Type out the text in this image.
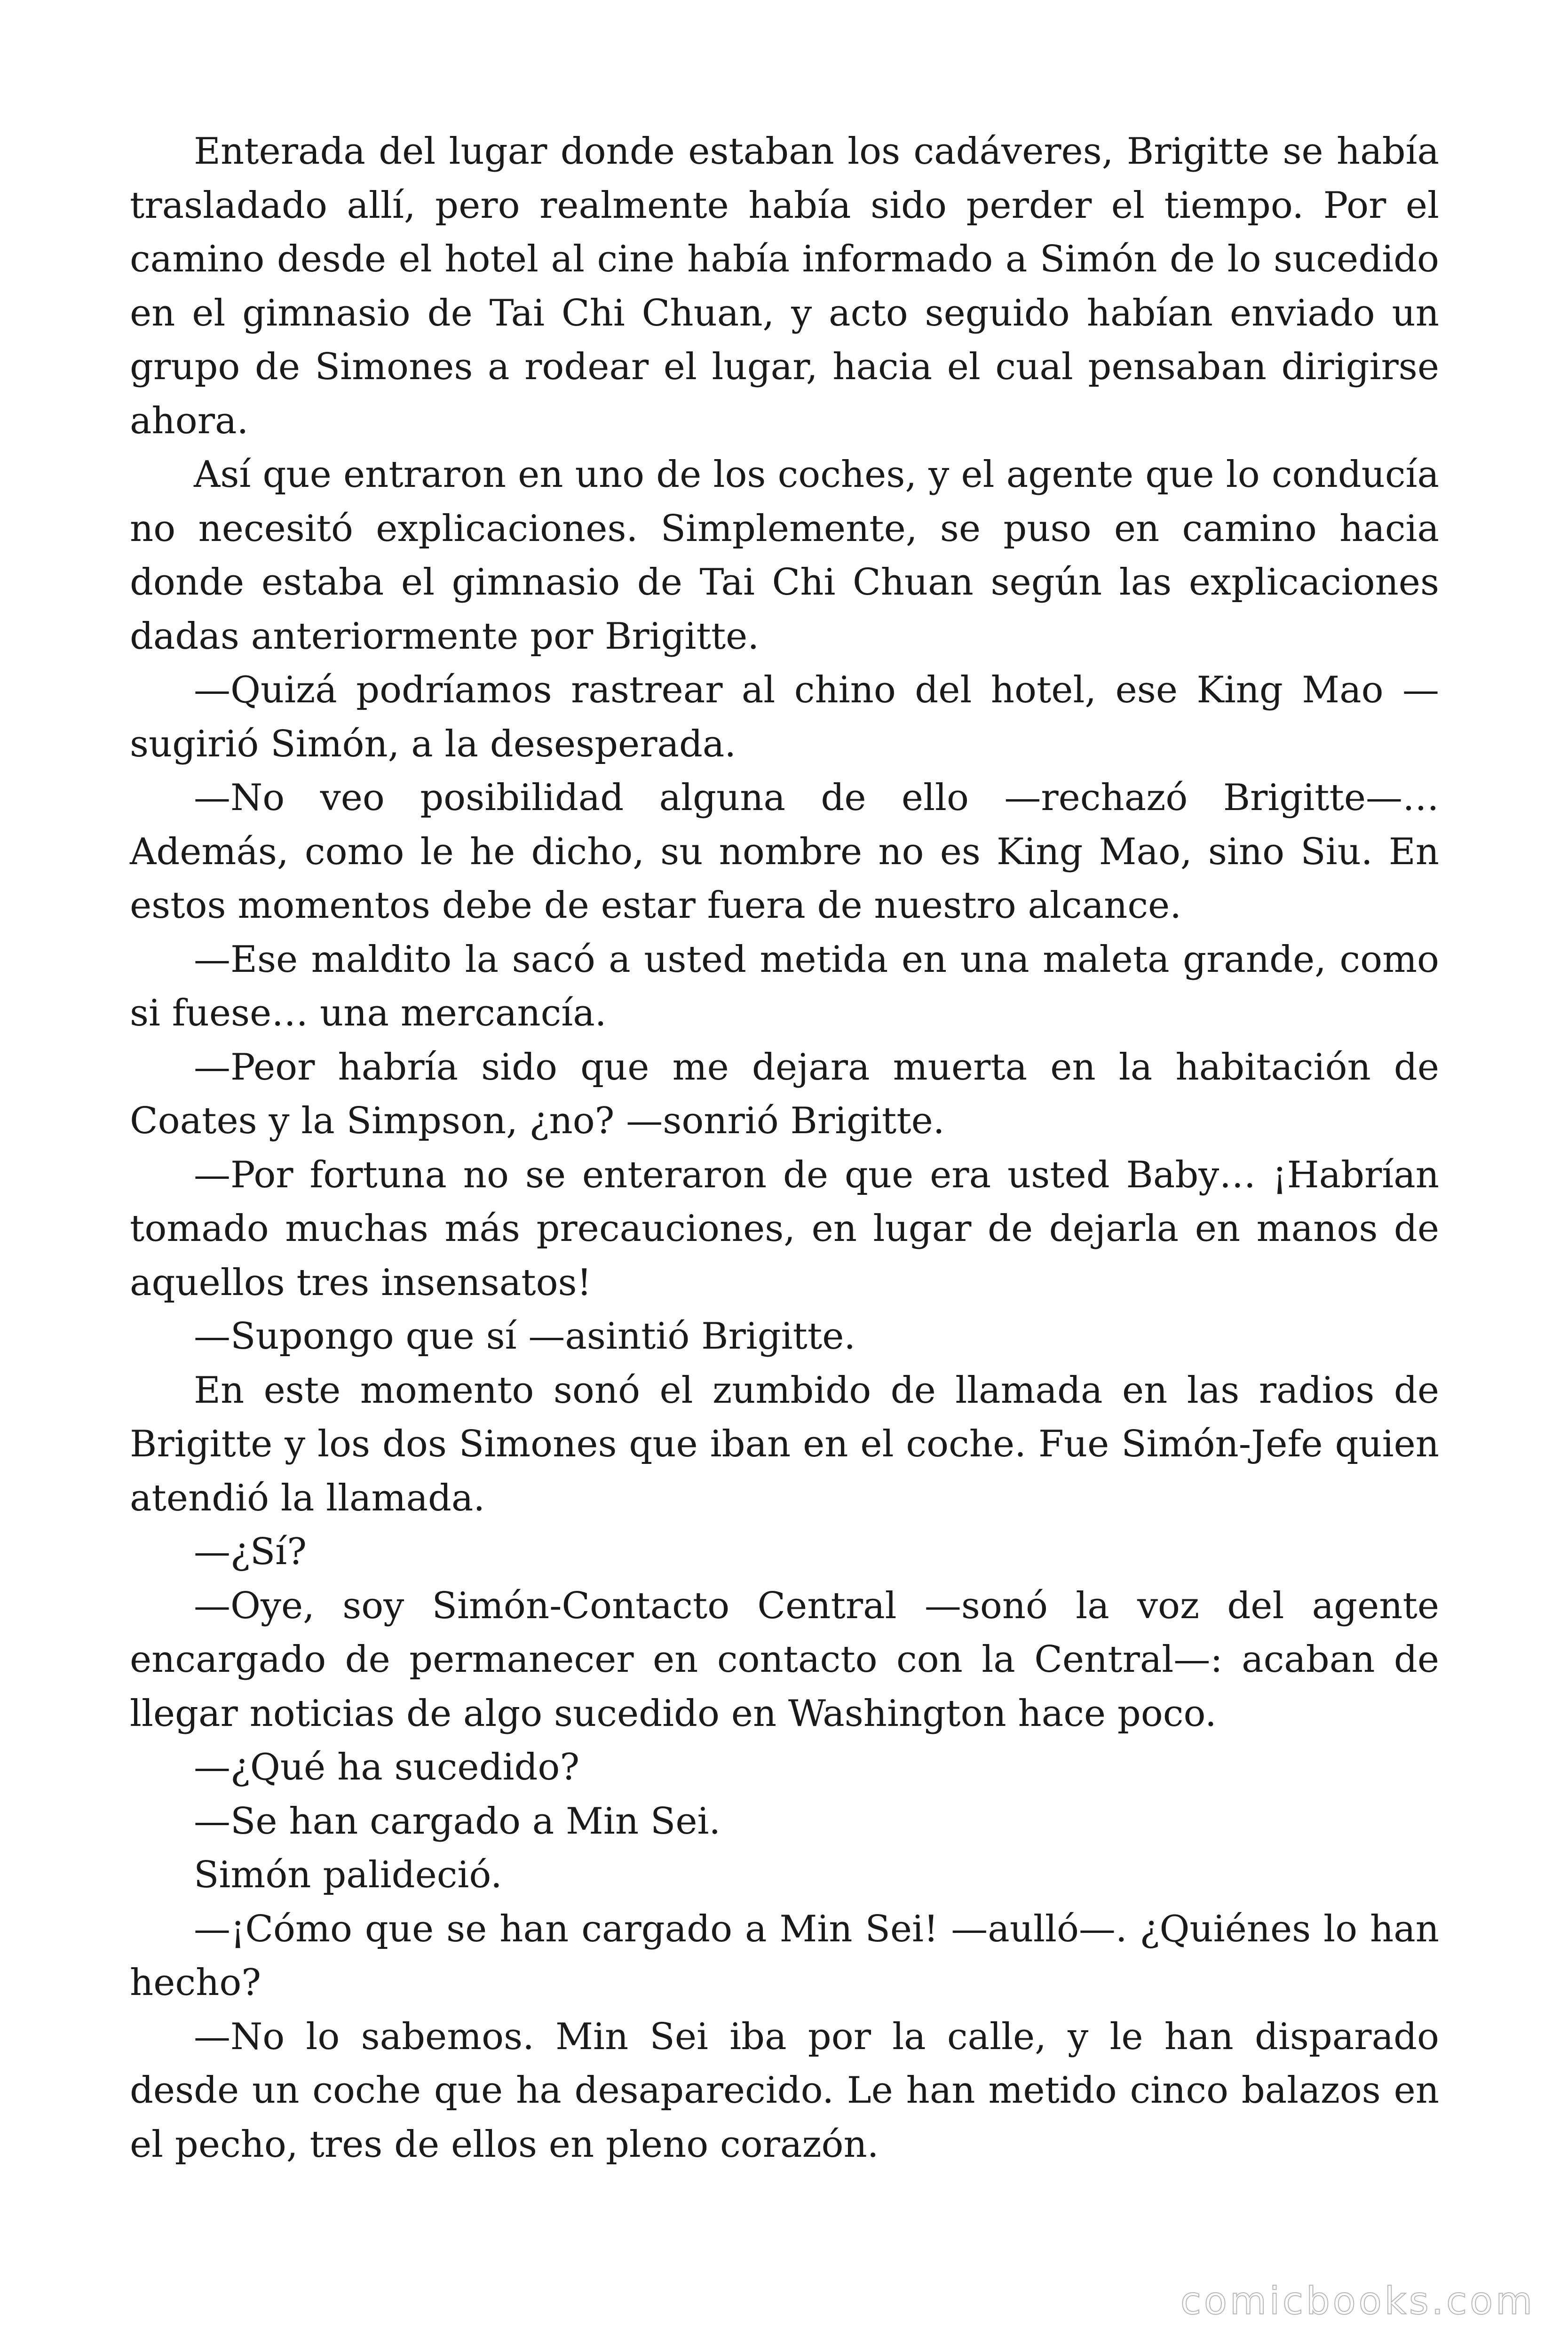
Enterada del lugar donde estaban los cadáveres, Brigitte se había trasladado allí, pero realmente había sido perder el tiempo. Por el camino desde el hotel al cine había informado a Simón de lo sucedido en el gimnasio de Tai Chi Chuan, y acto seguido habían enviado un grupo de Simones a rodear el lugar, hacia el cual pensaban dirigirse ahora.

Así que entraron en uno de los coches, y el agente que lo conducía no necesitó explicaciones. Simplemente, se puso en camino hacia donde estaba el gimnasio de Tai Chi Chuan según las explicaciones dadas anteriormente por Brigitte.

—Quizá podríamos rastrear al chino del hotel, ese King Mao — sugirió Simón, a la desesperada.

—No veo posibilidad alguna de ello —rechazó Brigitte—… Además, como le he dicho, su nombre no es King Mao, sino Siu. En estos momentos debe de estar fuera de nuestro alcance.

—Ese maldito la sacó a usted metida en una maleta grande, como si fuese… una mercancía.

—Peor habría sido que me dejara muerta en la habitación de Coates y la Simpson, ¿no? —sonrió Brigitte.

—Por fortuna no se enteraron de que era usted Baby… ¡Habrían tomado muchas más precauciones, en lugar de dejarla en manos de aquellos tres insensatos!

—Supongo que sí —asintió Brigitte.

En este momento sonó el zumbido de llamada en las radios de Brigitte y los dos Simones que iban en el coche. Fue Simón-Jefe quien atendió la llamada.

—¿Sí?

—Oye, soy Simón-Contacto Central —sonó la voz del agente encargado de permanecer en contacto con la Central—: acaban de llegar noticias de algo sucedido en Washington hace poco.

—¿Qué ha sucedido?

—Se han cargado a Min Sei.

Simón palideció.

—¡Cómo que se han cargado a Min Sei! —aulló—. ¿Quiénes lo han hecho?

—No lo sabemos. Min Sei iba por la calle, y le han disparado desde un coche que ha desaparecido. Le han metido cinco balazos en el pecho, tres de ellos en pleno corazón.

comicbooks.com
